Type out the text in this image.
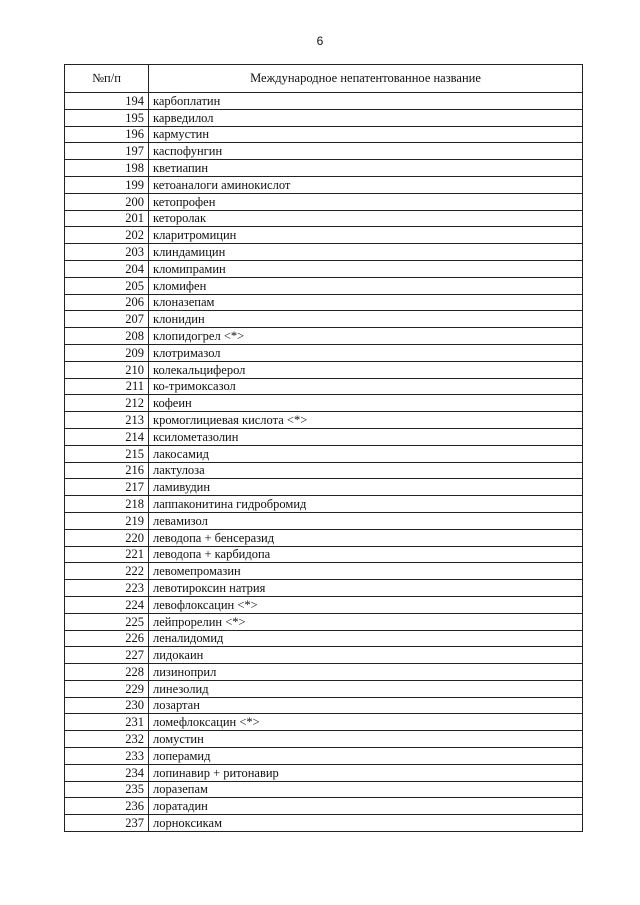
6
№п/п	Международное непатентованное название
194	карбоплатин
195	карведилол
196	кармустин
197	каспофунгин
198	кветиапин
199	кетоаналоги аминокислот
200	кетопрофен
201	кеторолак
202	кларитромицин
203	клиндамицин
204	кломипрамин
205	кломифен
206	клоназепам
207	клонидин
208	клопидогрел <*>
209	клотримазол
210	колекальциферол
211	ко-тримоксазол
212	кофеин
213	кромоглициевая кислота <*>
214	ксилометазолин
215	лакосамид
216	лактулоза
217	ламивудин
218	лаппаконитина гидробромид
219	левамизол
220	леводопа + бенсеразид
221	леводопа + карбидопа
222	левомепромазин
223	левотироксин натрия
224	левофлоксацин <*>
225	лейпрорелин <*>
226	леналидомид
227	лидокаин
228	лизиноприл
229	линезолид
230	лозартан
231	ломефлоксацин <*>
232	ломустин
233	лоперамид
234	лопинавир + ритонавир
235	лоразепам
236	лоратадин
237	лорноксикам
